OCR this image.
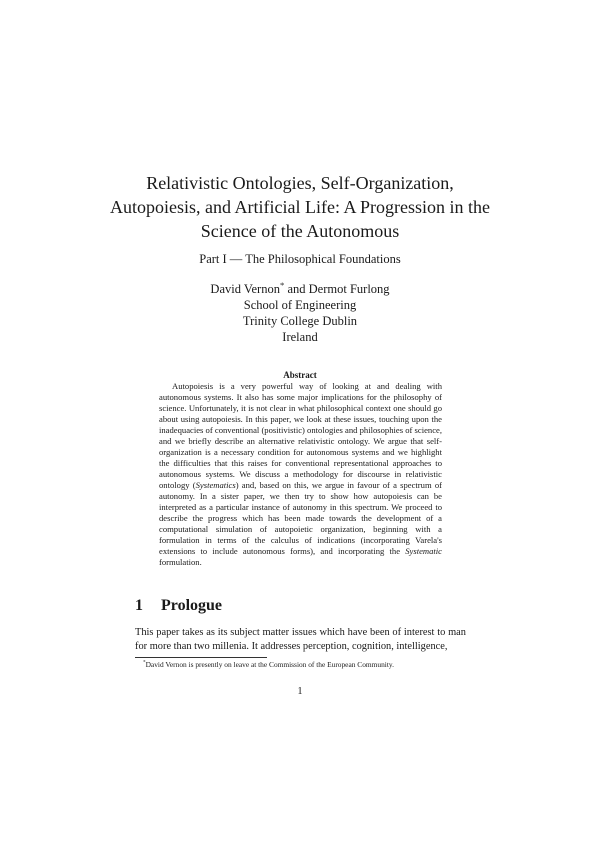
Relativistic Ontologies, Self-Organization, Autopoiesis, and Artificial Life: A Progression in the Science of the Autonomous
Part I — The Philosophical Foundations
David Vernon* and Dermot Furlong
School of Engineering
Trinity College Dublin
Ireland
Abstract
Autopoiesis is a very powerful way of looking at and dealing with autonomous systems. It also has some major implications for the philosophy of science. Unfortunately, it is not clear in what philosophical context one should go about using autopoiesis. In this paper, we look at these issues, touching upon the inadequacies of conventional (positivistic) ontologies and philosophies of science, and we briefly describe an alternative relativistic ontology. We argue that self-organization is a necessary condition for autonomous systems and we highlight the difficulties that this raises for conventional representational approaches to autonomous systems. We discuss a methodology for discourse in relativistic ontology (Systematics) and, based on this, we argue in favour of a spectrum of autonomy. In a sister paper, we then try to show how autopoiesis can be interpreted as a particular instance of autonomy in this spectrum. We proceed to describe the progress which has been made towards the development of a computational simulation of autopoietic organization, beginning with a formulation in terms of the calculus of indications (incorporating Varela's extensions to include autonomous forms), and incorporating the Systematic formulation.
1 Prologue
This paper takes as its subject matter issues which have been of interest to man for more than two millenia. It addresses perception, cognition, intelligence,
*David Vernon is presently on leave at the Commission of the European Community.
1
